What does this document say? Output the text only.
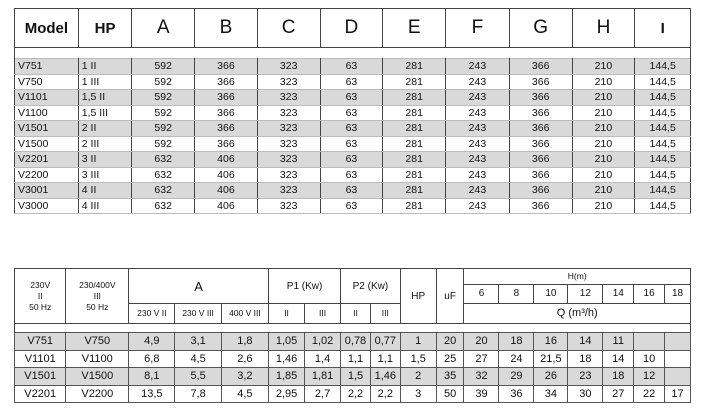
Model	HP	A	B	C	D	E	F	G	H	I

V751	1 II	592	366	323	63	281	243	366	210	144,5
V750	1 III	592	366	323	63	281	243	366	210	144,5
V1101	1,5 II	592	366	323	63	281	243	366	210	144,5
V1100	1,5 III	592	366	323	63	281	243	366	210	144,5
V1501	2 II	592	366	323	63	281	243	366	210	144,5
V1500	2 III	592	366	323	63	281	243	366	210	144,5
V2201	3 II	632	406	323	63	281	243	366	210	144,5
V2200	3 III	632	406	323	63	281	243	366	210	144,5
V3001	4 II	632	406	323	63	281	243	366	210	144,5
V3000	4 III	632	406	323	63	281	243	366	210	144,5
230V
II
50 Hz	230/400V
III
50 Hz	A			P1 (Kw)		P2 (Kw)		HP	uF	H(m)						
											6	8	10	12	14	16	18
		230 V II	230 V III	400 V III	II	III	II	III			Q (m³/h)						

V751	V750	4,9	3,1	1,8	1,05	1,02	0,78	0,77	1	20	20	18	16	14	11		
V1101	V1100	6,8	4,5	2,6	1,46	1,4	1,1	1,1	1,5	25	27	24	21,5	18	14	10	
V1501	V1500	8,1	5,5	3,2	1,85	1,81	1,5	1,46	2	35	32	29	26	23	18	12	
V2201	V2200	13,5	7,8	4,5	2,95	2,7	2,2	2,2	3	50	39	36	34	30	27	22	17
